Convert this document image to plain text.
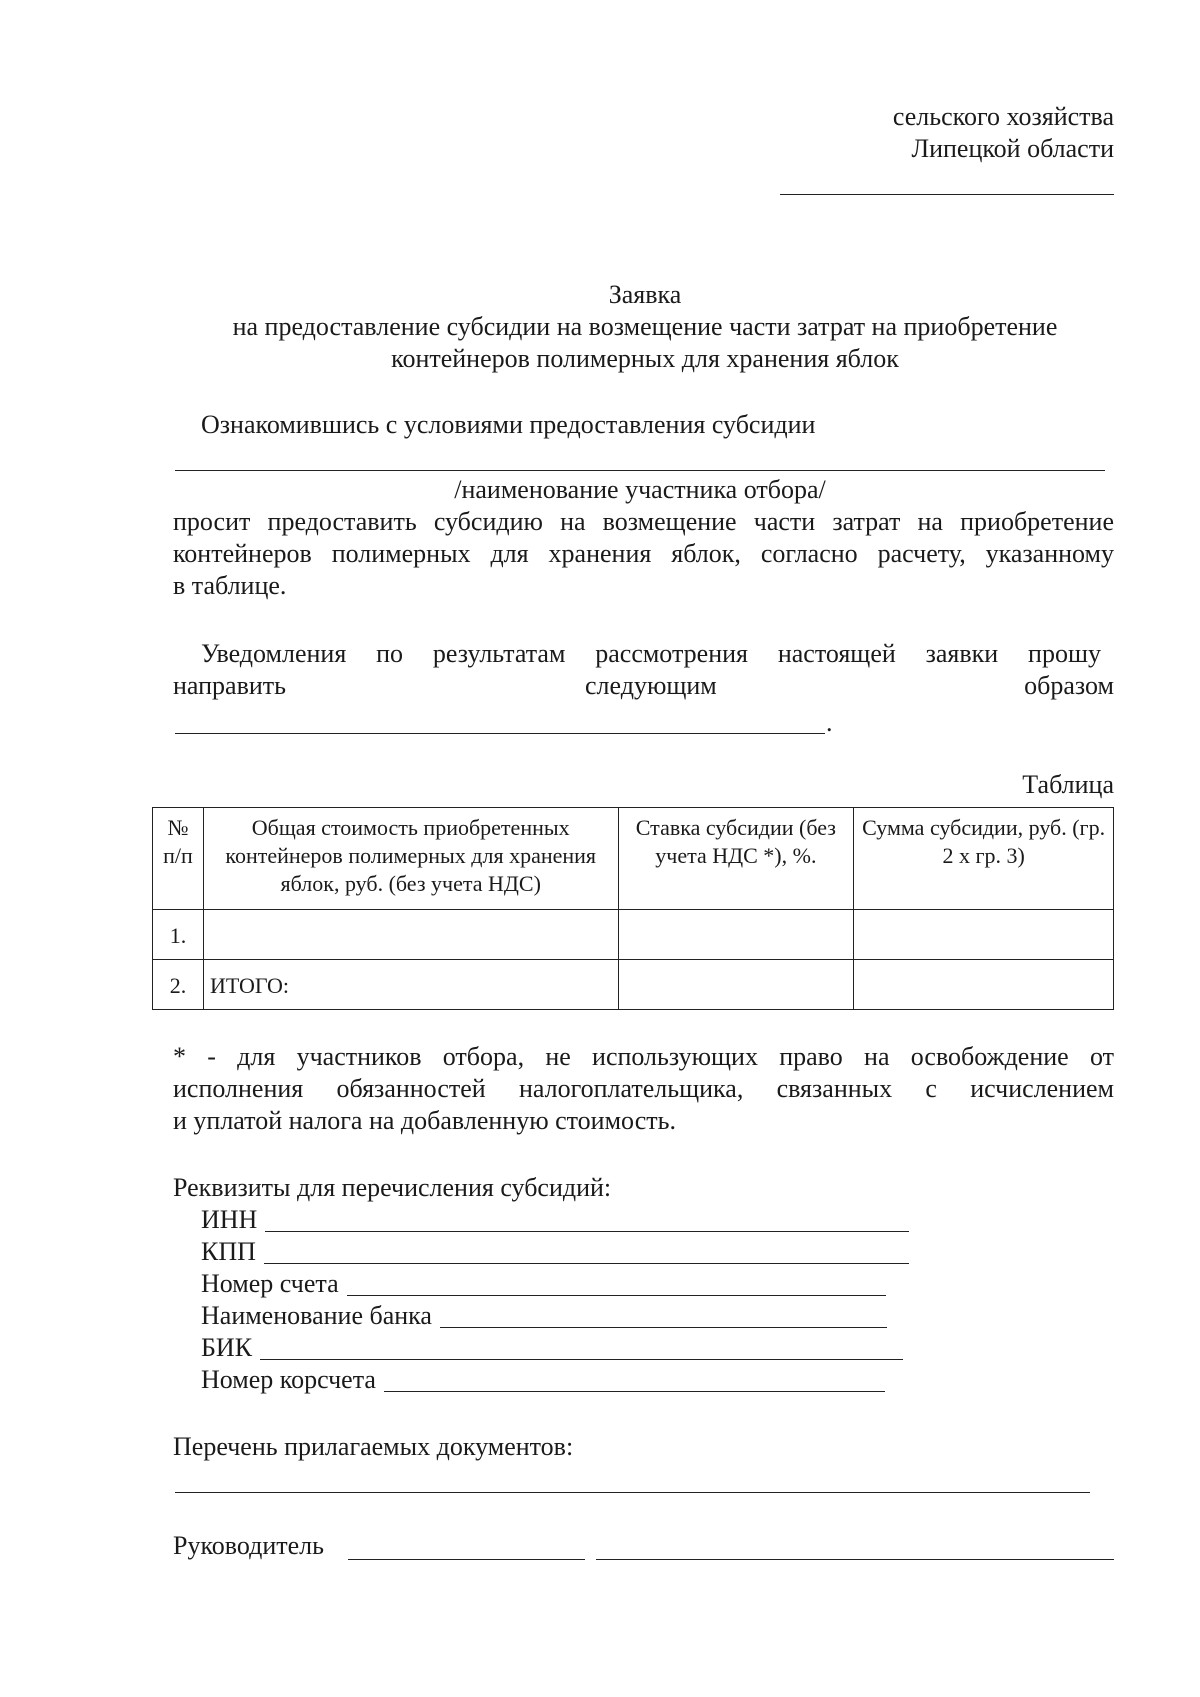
сельского хозяйства
Липецкой области
Заявка
на предоставление субсидии на возмещение части затрат на приобретение
контейнеров полимерных для хранения яблок
Ознакомившись с условиями предоставления субсидии
/наименование участника отбора/
просит предоставить субсидию на возмещение части затрат на приобретение
контейнеров полимерных для хранения яблок, согласно расчету, указанному
в таблице.
Уведомления по результатам рассмотрения настоящей заявки прошу
направить	следующим	образом
.
Таблица
№ п/п	Общая стоимость приобретенных контейнеров полимерных для хранения яблок, руб. (без учета НДС)	Ставка субсидии (без учета НДС *), %.	Сумма субсидии, руб. (гр. 2 х гр. 3)
1.			
2.	ИТОГО:		
* - для участников отбора, не использующих право на освобождение от
исполнения обязанностей налогоплательщика, связанных с исчислением
и уплатой налога на добавленную стоимость.
Реквизиты для перечисления субсидий:
ИНН
КПП
Номер счета
Наименование банка
БИК
Номер корсчета
Перечень прилагаемых документов:
Руководитель
